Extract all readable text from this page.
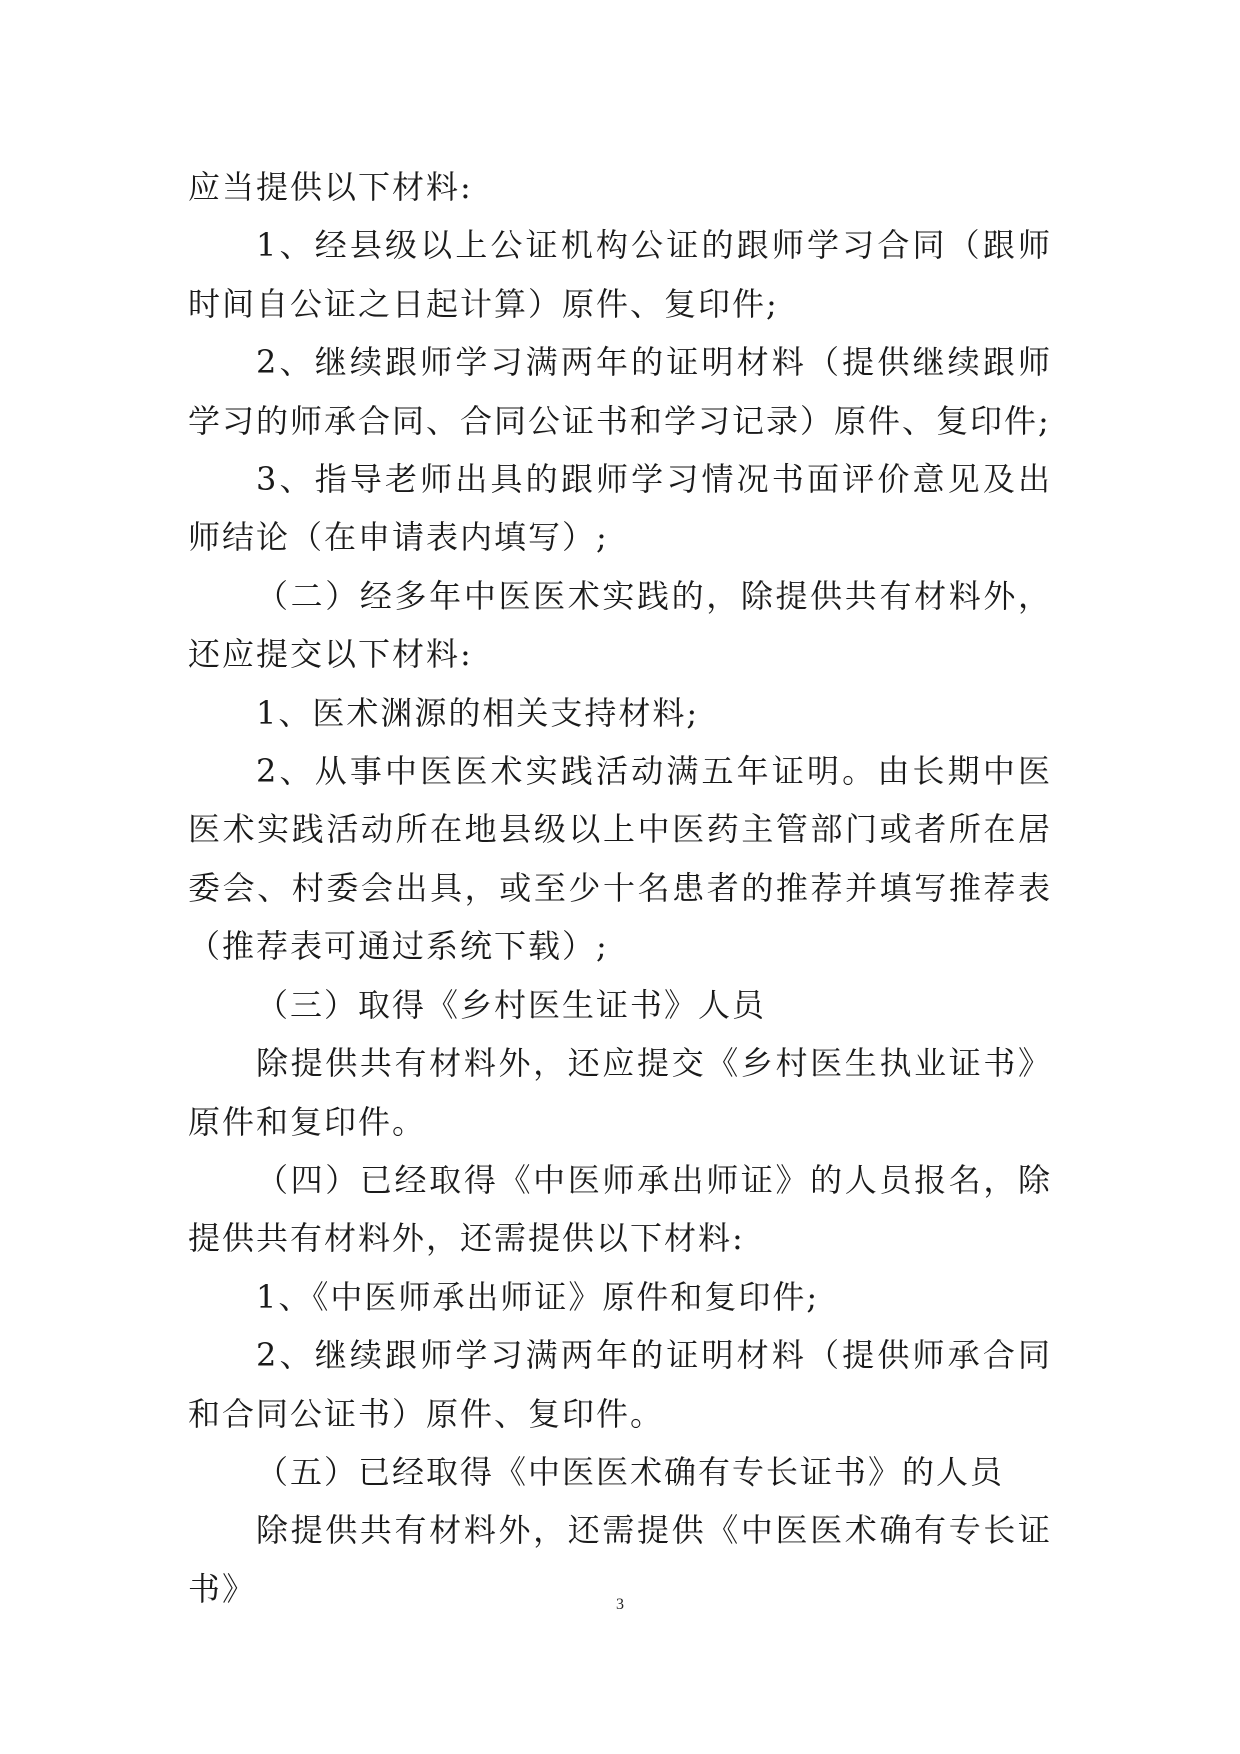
应当提供以下材料:

1、经县级以上公证机构公证的跟师学习合同（跟师时间自公证之日起计算）原件、复印件;

2、继续跟师学习满两年的证明材料（提供继续跟师学习的师承合同、合同公证书和学习记录）原件、复印件;

3、指导老师出具的跟师学习情况书面评价意见及出师结论（在申请表内填写）;

（二）经多年中医医术实践的，除提供共有材料外，还应提交以下材料:

1、医术渊源的相关支持材料;

2、从事中医医术实践活动满五年证明。由长期中医医术实践活动所在地县级以上中医药主管部门或者所在居委会、村委会出具，或至少十名患者的推荐并填写推荐表（推荐表可通过系统下载）;

（三）取得《乡村医生证书》人员

除提供共有材料外，还应提交《乡村医生执业证书》原件和复印件。

（四）已经取得《中医师承出师证》的人员报名，除提供共有材料外，还需提供以下材料:

1、《中医师承出师证》原件和复印件;

2、继续跟师学习满两年的证明材料（提供师承合同和合同公证书）原件、复印件。

（五）已经取得《中医医术确有专长证书》的人员

除提供共有材料外，还需提供《中医医术确有专长证书》	3
